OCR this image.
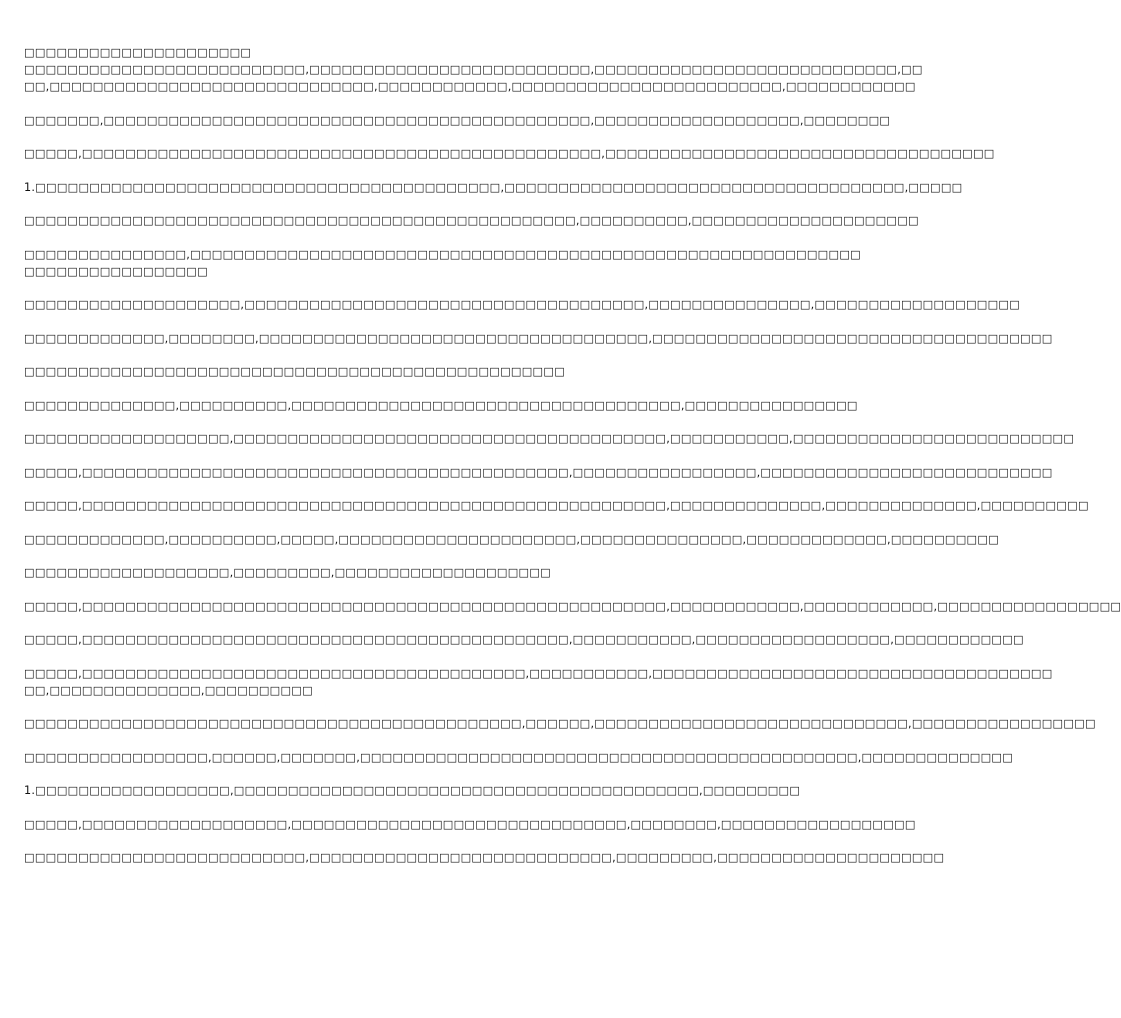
□□□□□□□□□□□□□□□□□□□□□
□□□□□□□□□□□□□□□□□□□□□□□□□□,□□□□□□□□□□□□□□□□□□□□□□□□□□,□□□□□□□□□□□□□□□□□□□□□□□□□□□□,□□
□□,□□□□□□□□□□□□□□□□□□□□□□□□□□□□□□,□□□□□□□□□□□□,□□□□□□□□□□□□□□□□□□□□□□□□□,□□□□□□□□□□□□
□□□□□□□,□□□□□□□□□□□□□□□□□□□□□□□□□□□□□□□□□□□□□□□□□□□□□,□□□□□□□□□□□□□□□□□□□,□□□□□□□□
□□□□□,□□□□□□□□□□□□□□□□□□□□□□□□□□□□□□□□□□□□□□□□□□□□□□□□,□□□□□□□□□□□□□□□□□□□□□□□□□□□□□□□□□□□□
1.□□□□□□□□□□□□□□□□□□□□□□□□□□□□□□□□□□□□□□□□□□□,□□□□□□□□□□□□□□□□□□□□□□□□□□□□□□□□□□□□□,□□□□□
□□□□□□□□□□□□□□□□□□□□□□□□□□□□□□□□□□□□□□□□□□□□□□□□□□□,□□□□□□□□□□,□□□□□□□□□□□□□□□□□□□□□
□□□□□□□□□□□□□□□,□□□□□□□□□□□□□□□□□□□□□□□□□□□□□□□□□□□□□□□□□□□□□□□□□□□□□□□□□□□□□□
□□□□□□□□□□□□□□□□□
□□□□□□□□□□□□□□□□□□□□,□□□□□□□□□□□□□□□□□□□□□□□□□□□□□□□□□□□□□,□□□□□□□□□□□□□□□,□□□□□□□□□□□□□□□□□□□
□□□□□□□□□□□□□,□□□□□□□□,□□□□□□□□□□□□□□□□□□□□□□□□□□□□□□□□□□□□,□□□□□□□□□□□□□□□□□□□□□□□□□□□□□□□□□□□□□
□□□□□□□□□□□□□□□□□□□□□□□□□□□□□□□□□□□□□□□□□□□□□□□□□□
□□□□□□□□□□□□□□,□□□□□□□□□□,□□□□□□□□□□□□□□□□□□□□□□□□□□□□□□□□□□□□,□□□□□□□□□□□□□□□□
□□□□□□□□□□□□□□□□□□□,□□□□□□□□□□□□□□□□□□□□□□□□□□□□□□□□□□□□□□□□,□□□□□□□□□□□,□□□□□□□□□□□□□□□□□□□□□□□□□□
□□□□□,□□□□□□□□□□□□□□□□□□□□□□□□□□□□□□□□□□□□□□□□□□□□□,□□□□□□□□□□□□□□□□□,□□□□□□□□□□□□□□□□□□□□□□□□□□□
□□□□□,□□□□□□□□□□□□□□□□□□□□□□□□□□□□□□□□□□□□□□□□□□□□□□□□□□□□□□,□□□□□□□□□□□□□□,□□□□□□□□□□□□□□,□□□□□□□□□□
□□□□□□□□□□□□□,□□□□□□□□□□,□□□□□,□□□□□□□□□□□□□□□□□□□□□□,□□□□□□□□□□□□□□□,□□□□□□□□□□□□□,□□□□□□□□□□
□□□□□□□□□□□□□□□□□□□,□□□□□□□□□,□□□□□□□□□□□□□□□□□□□□
□□□□□,□□□□□□□□□□□□□□□□□□□□□□□□□□□□□□□□□□□□□□□□□□□□□□□□□□□□□□,□□□□□□□□□□□□,□□□□□□□□□□□□,□□□□□□□□□□□□□□□□□
□□□□□,□□□□□□□□□□□□□□□□□□□□□□□□□□□□□□□□□□□□□□□□□□□□□,□□□□□□□□□□□,□□□□□□□□□□□□□□□□□□,□□□□□□□□□□□□
□□□□□,□□□□□□□□□□□□□□□□□□□□□□□□□□□□□□□□□□□□□□□□□,□□□□□□□□□□□,□□□□□□□□□□□□□□□□□□□□□□□□□□□□□□□□□□□□□
□□,□□□□□□□□□□□□□□,□□□□□□□□□□
□□□□□□□□□□□□□□□□□□□□□□□□□□□□□□□□□□□□□□□□□□□□□□,□□□□□□,□□□□□□□□□□□□□□□□□□□□□□□□□□□□□,□□□□□□□□□□□□□□□□□
□□□□□□□□□□□□□□□□□,□□□□□□,□□□□□□□,□□□□□□□□□□□□□□□□□□□□□□□□□□□□□□□□□□□□□□□□□□□□□□,□□□□□□□□□□□□□□
1.□□□□□□□□□□□□□□□□□□,□□□□□□□□□□□□□□□□□□□□□□□□□□□□□□□□□□□□□□□□□□□,□□□□□□□□□
□□□□□,□□□□□□□□□□□□□□□□□□□,□□□□□□□□□□□□□□□□□□□□□□□□□□□□□□□,□□□□□□□□,□□□□□□□□□□□□□□□□□□
□□□□□□□□□□□□□□□□□□□□□□□□□□,□□□□□□□□□□□□□□□□□□□□□□□□□□□□,□□□□□□□□□,□□□□□□□□□□□□□□□□□□□□□
